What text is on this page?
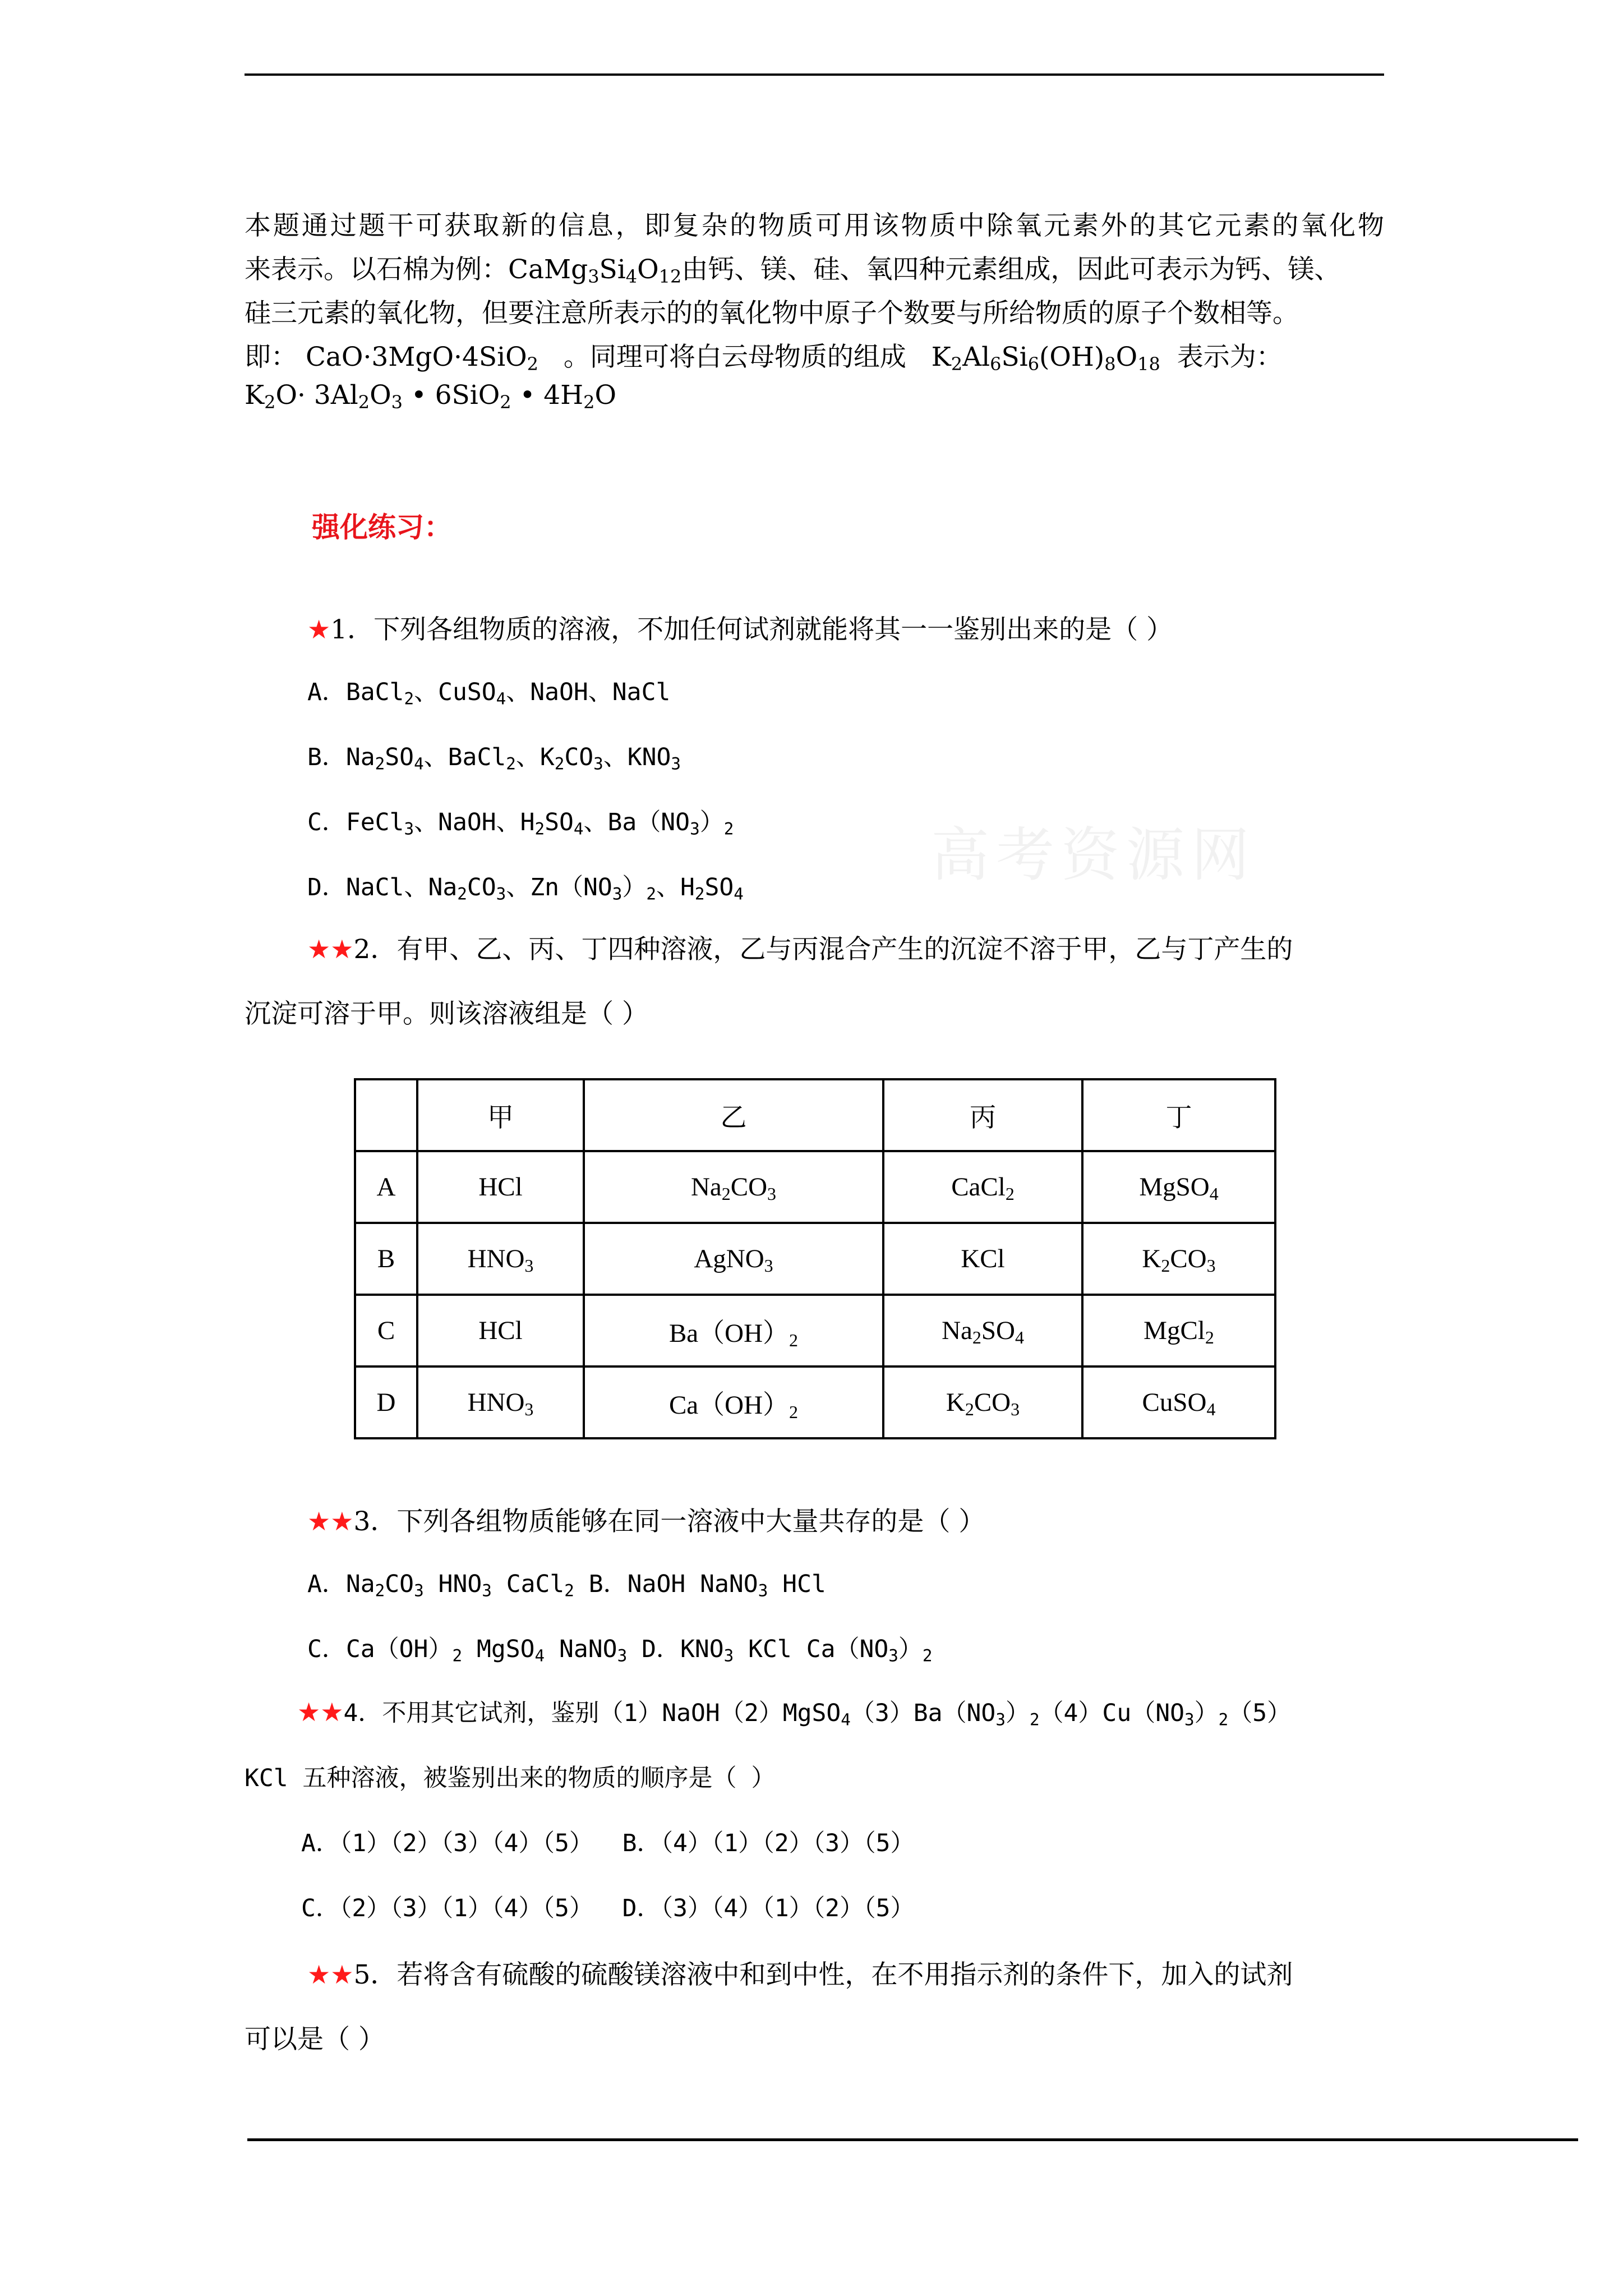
本题通过题干可获取新的信息，即复杂的物质可用该物质中除氧元素外的其它元素的氧化物
来表示。以石棉为例：$CaMg_3Si_4O_{12}$由钙、镁、硅、氧四种元素组成，因此可表示为钙、镁、
硅三元素的氧化物，但要注意所表示的的氧化物中原子个数要与所给物质的原子个数相等。
即： CaO·3MgO·4SiO$_2$ 。同理可将白云母物质的组成 $K_2Al_6Si_6(OH)_8O_{18}$ 表示为：
$K_2O\cdot 3Al_2O_3$ • 6SiO$_2$ • $4H_2O$
强化练习：
高考资源网
★1．下列各组物质的溶液，不加任何试剂就能将其一一鉴别出来的是（ ）
A．BaCl$_2$、CuSO$_4$、NaOH、NaCl
B．$Na_2SO_4$、BaCl$_2$、$K_2CO_3$、$KNO_3$
C．FeCl$_3$、NaOH、$H_2SO_4$、$Ba(NO_3)_2$
D．NaCl、$Na_2CO_3$、$Zn(NO_3)_2$、$H_2SO_4$
★★2．有甲、乙、丙、丁四种溶液，乙与丙混合产生的沉淀不溶于甲，乙与丁产生的
沉淀可溶于甲。则该溶液组是（ ）
	甲	乙	丙	丁
A	HCl	$Na_2CO_3$	CaCl$_2$	MgSO$_4$
B	$HNO_3$	AgNO$_3$	KCl	$K_2CO_3$
C	HCl	$Ba(OH)_2$	$Na_2SO_4$	MgCl$_2$
D	$HNO_3$	$Ca(OH)_2$	$K_2CO_3$	CuSO$_4$
★★3．下列各组物质能够在同一溶液中大量共存的是（ ）
A．$Na_2CO_3$ $HNO_3$ CaCl$_2$ B．NaOH NaNO$_3$ HCl
C．$Ca(OH)_2$ MgSO$_4$ NaNO$_3$ D．$KNO_3$ KCl $Ca(NO_3)_2$
★★4．不用其它试剂，鉴别$(1)NaOH(2)MgSO_4(3)Ba(NO_3)_2(4)Cu(NO_3)_2(5)$
KCl 五种溶液，被鉴别出来的物质的顺序是（ ）
A．（1）（2）（3）（4）（5） B．（4）（1）（2）（3）（5）
C．（2）（3）（1）（4）（5） D．（3）（4）（1）（2）（5）
★★5．若将含有硫酸的硫酸镁溶液中和到中性，在不用指示剂的条件下，加入的试剂
可以是（ ）
